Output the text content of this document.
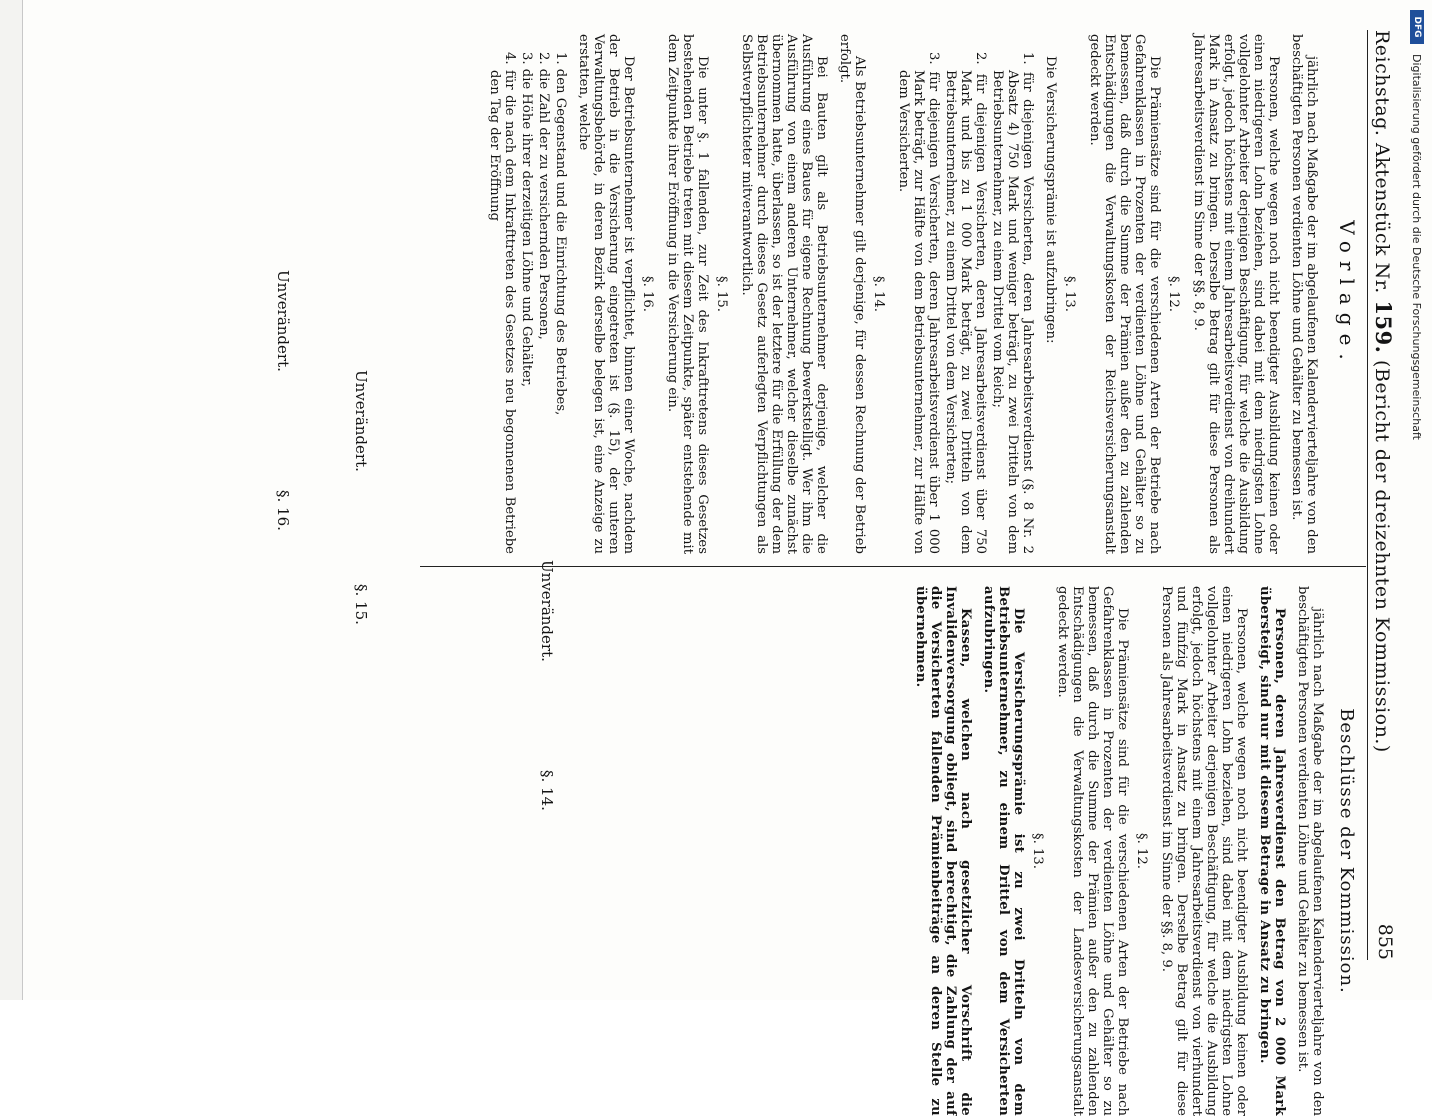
Reichstag. Aktenstück Nr. 159. (Bericht der dreizehnten Kommission.)
855
Vorlage.

jährlich nach Maßgabe der im abgelaufenen Kalendervierteljahre von den beschäftigten Personen verdienten Löhne und Gehälter zu bemessen ist.

Personen, welche wegen noch nicht beendigter Ausbildung keinen oder einen niedrigeren Lohn beziehen, sind dabei mit dem niedrigsten Lohne vollgelohnter Arbeiter derjenigen Beschäftigung, für welche die Ausbildung erfolgt, jedoch höchstens mit einem Jahresarbeitsverdienst von dreihundert Mark in Ansatz zu bringen. Derselbe Betrag gilt für diese Personen als Jahresarbeitsverdienst im Sinne der §§. 8, 9.

§. 12.

Die Prämiensätze sind für die verschiedenen Arten der Betriebe nach Gefahrenklassen in Prozenten der verdienten Löhne und Gehälter so zu bemessen, daß durch die Summe der Prämien außer den zu zahlenden Entschädigungen die Verwaltungskosten der Reichsversicherungsanstalt gedeckt werden.

§. 13.

Die Versicherungsprämie ist aufzubringen:

1. für diejenigen Versicherten, deren Jahresarbeitsverdienst (§. 8 Nr. 2 Absatz 4) 750 Mark und weniger beträgt, zu zwei Dritteln von dem Betriebsunternehmer, zu einem Drittel vom Reich;

2. für diejenigen Versicherten, deren Jahresarbeitsverdienst über 750 Mark und bis zu 1 000 Mark beträgt, zu zwei Dritteln von dem Betriebsunternehmer, zu einem Drittel von dem Versicherten;

3. für diejenigen Versicherten, deren Jahresarbeitsverdienst über 1 000 Mark beträgt, zur Hälfte von dem Betriebsunternehmer, zur Hälfte von dem Versicherten.

§. 14.

Als Betriebsunternehmer gilt derjenige, für dessen Rechnung der Betrieb erfolgt.

Bei Bauten gilt als Betriebsunternehmer derjenige, welcher die Ausführung eines Baues für eigene Rechnung bewerkstelligt. Wer ihm die Ausführung von einem anderen Unternehmer, welcher dieselbe zunächst übernommen hatte, überlassen, so ist der letztere für die Erfüllung der dem Betriebsunternehmer durch dieses Gesetz auferlegten Verpflichtungen als Selbstverpflichteter mitverantwortlich.

§. 15.

Die unter §. 1 fallenden, zur Zeit des Inkrafttretens dieses Gesetzes bestehenden Betriebe treten mit diesem Zeitpunkte, später entstehende mit dem Zeitpunkte ihrer Eröffnung in die Versicherung ein.

§. 16.

Der Betriebsunternehmer ist verpflichtet, binnen einer Woche, nachdem der Betrieb in die Versicherung eingetreten ist (§. 15), der unteren Verwaltungsbehörde, in deren Bezirk derselbe belegen ist, eine Anzeige zu erstatten, welche

1. den Gegenstand und die Einrichtung des Betriebes,

2. die Zahl der zu versichernden Personen,

3. die Höhe ihrer derzeitigen Löhne und Gehälter,

4. für die nach dem Inkrafttreten des Gesetzes neu begonnenen Betriebe den Tag der Eröffnung

Beschlüsse der Kommission.

jährlich nach Maßgabe der im abgelaufenen Kalendervierteljahre von den beschäftigten Personen verdienten Löhne und Gehälter zu bemessen ist.

Personen, deren Jahresverdienst den Betrag von 2 000 Mark übersteigt, sind nur mit diesem Betrage in Ansatz zu bringen.

Personen, welche wegen noch nicht beendigter Ausbildung keinen oder einen niedrigeren Lohn beziehen, sind dabei mit dem niedrigsten Lohne vollgelohnter Arbeiter derjenigen Beschäftigung, für welche die Ausbildung erfolgt, jedoch höchstens mit einem Jahresarbeitsverdienst von vierhundert und fünfzig Mark in Ansatz zu bringen. Derselbe Betrag gilt für diese Personen als Jahresarbeitsverdienst im Sinne der §§. 8, 9.

§. 12.

Die Prämiensätze sind für die verschiedenen Arten der Betriebe nach Gefahrenklassen in Prozenten der verdienten Löhne und Gehälter so zu bemessen, daß durch die Summe der Prämien außer den zu zahlenden Entschädigungen die Verwaltungskosten der Landesversicherungsanstalt gedeckt werden.

§. 13.

Die Versicherungsprämie ist zu zwei Dritteln von dem Betriebsunternehmer, zu einem Drittel von dem Versicherten aufzubringen.

Kassen, welchen nach gesetzlicher Vorschrift die Invalidenversorgung obliegt, sind berechtigt, die Zahlung der auf die Versicherten fallenden Prämienbeiträge an deren Stelle zu übernehmen.

Unverändert.
§. 14.
Unverändert.
§. 15.
Unverändert.
§. 16.
DFG
Digitalisierung gefördert durch die Deutsche Forschungsgemeinschaft
